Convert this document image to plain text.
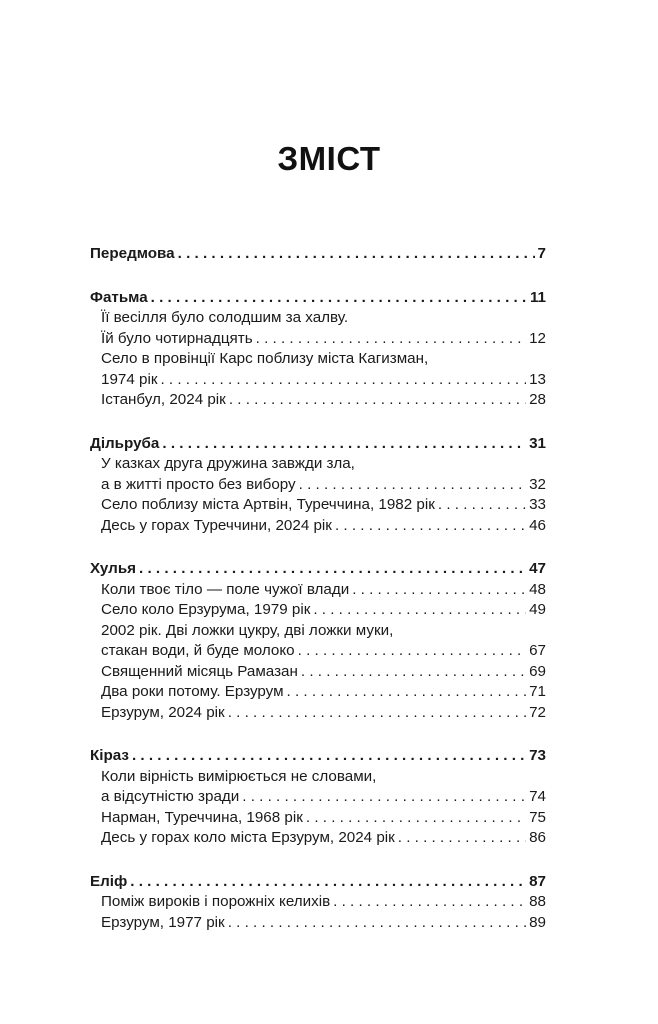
ЗМІСТ
Передмова . . .	7
Фатьма . . .	11
Її весілля було солодшим за халву.
Їй було чотирнадцять . . .	12
Село в провінції Карс поблизу міста Кагизман,
1974 рік . . .	13
Істанбул, 2024 рік . . .	28
Дільруба . . .	31
У казках друга дружина завжди зла,
а в житті просто без вибору . . .	32
Село поблизу міста Артвін, Туреччина, 1982 рік . . .	33
Десь у горах Туреччини, 2024 рік . . .	46
Хулья . . .	47
Коли твоє тіло — поле чужої влади . . .	48
Село коло Ерзурума, 1979 рік . . .	49
2002 рік. Дві ложки цукру, дві ложки муки,
стакан води, й буде молоко . . .	67
Священний місяць Рамазан . . .	69
Два роки потому. Ерзурум . . .	71
Ерзурум, 2024 рік . . .	72
Кіраз . . .	73
Коли вірність вимірюється не словами,
а відсутністю зради . . .	74
Нарман, Туреччина, 1968 рік . . .	75
Десь у горах коло міста Ерзурум, 2024 рік . . .	86
Еліф . . .	87
Поміж вироків і порожніх келихів . . .	88
Ерзурум, 1977 рік . . .	89
